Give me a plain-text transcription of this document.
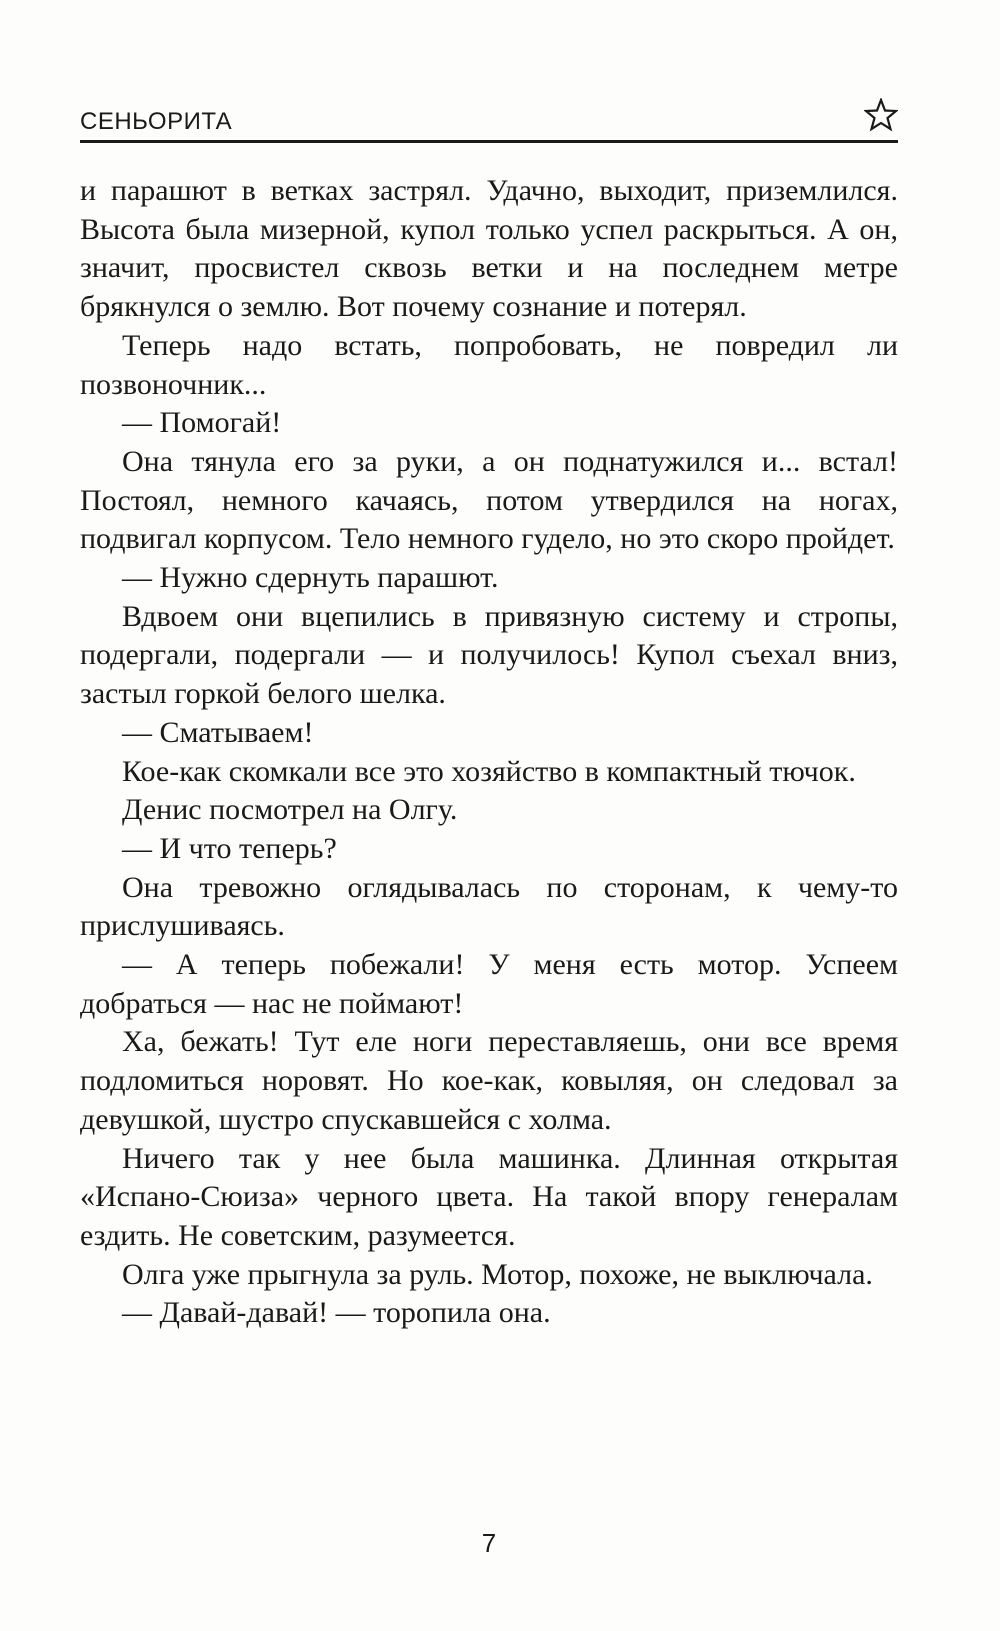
СЕНЬОРИТА

и парашют в ветках застрял. Удачно, выходит, приземлился. Высота была мизерной, купол только успел раскрыться. А он, значит, просвистел сквозь ветки и на последнем метре брякнулся о землю. Вот почему сознание и потерял.

Теперь надо встать, попробовать, не повредил ли позвоночник...

— Помогай!

Она тянула его за руки, а он поднатужился и... встал! Постоял, немного качаясь, потом утвердился на ногах, подвигал корпусом. Тело немного гудело, но это скоро пройдет.

— Нужно сдернуть парашют.

Вдвоем они вцепились в привязную систему и стропы, подергали, подергали — и получилось! Купол съехал вниз, застыл горкой белого шелка.

— Сматываем!

Кое-как скомкали все это хозяйство в компактный тючок.

Денис посмотрел на Олгу.

— И что теперь?

Она тревожно оглядывалась по сторонам, к чему-то прислушиваясь.

— А теперь побежали! У меня есть мотор. Успеем добраться — нас не поймают!

Ха, бежать! Тут еле ноги переставляешь, они все время подломиться норовят. Но кое-как, ковыляя, он следовал за девушкой, шустро спускавшейся с холма.

Ничего так у нее была машинка. Длинная открытая «Испано-Сюиза» черного цвета. На такой впору генералам ездить. Не советским, разумеется.

Олга уже прыгнула за руль. Мотор, похоже, не выключала.

— Давай-давай! — торопила она.

7
